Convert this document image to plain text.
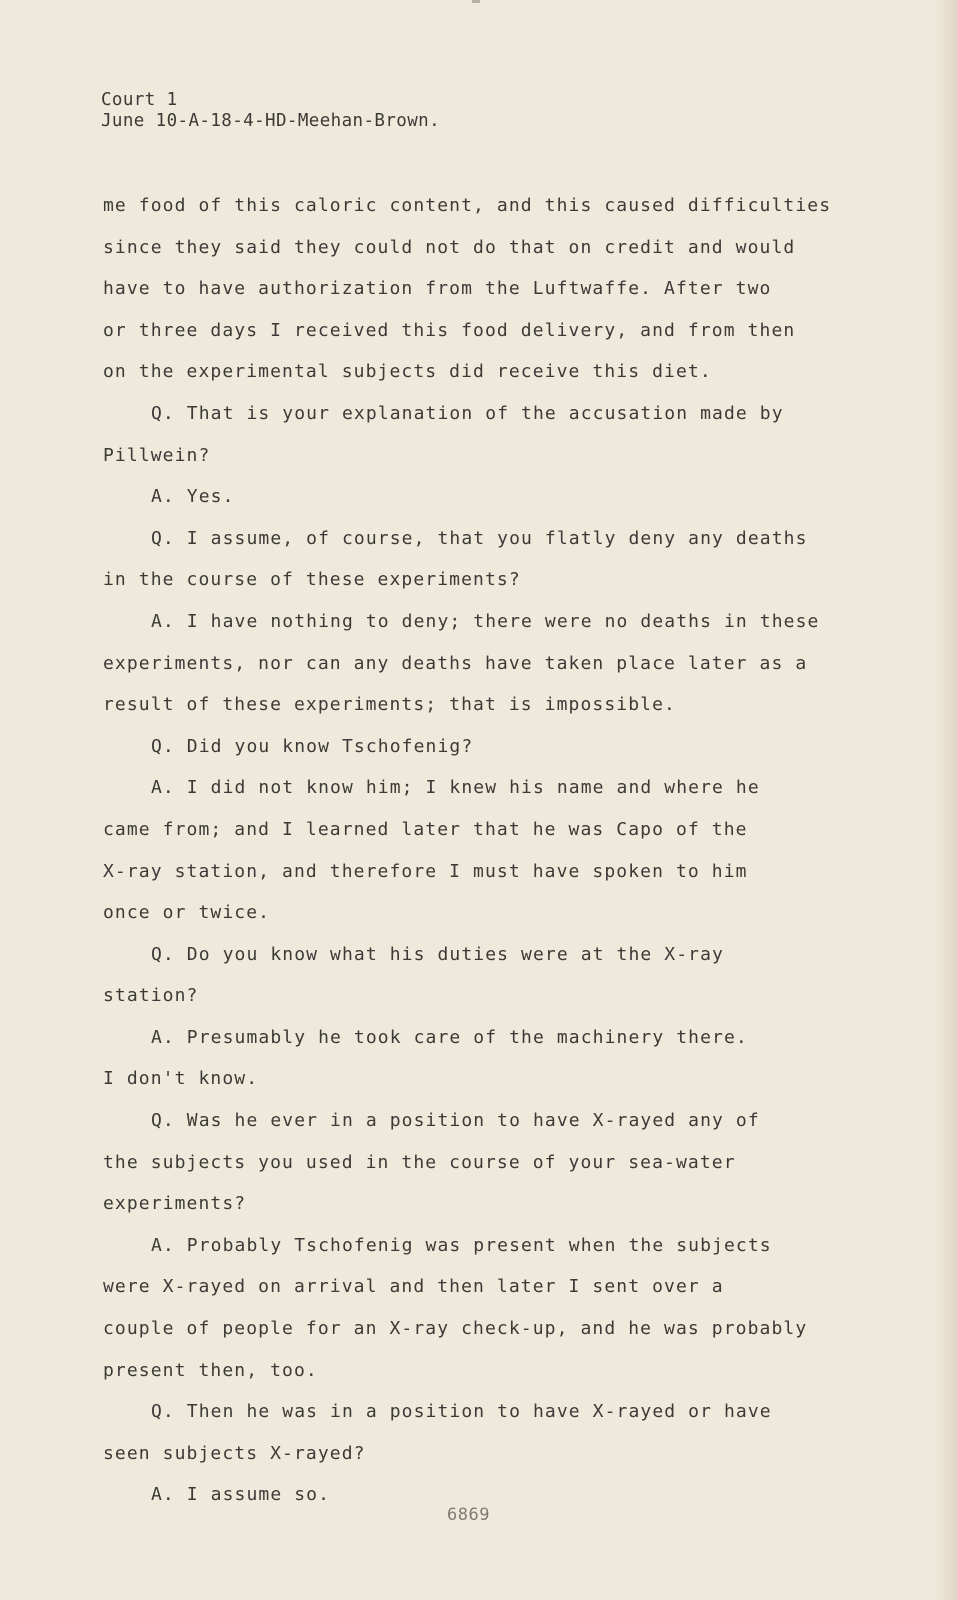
Court 1
June 10-A-18-4-HD-Meehan-Brown.
me food of this caloric content, and this caused difficulties
since they said they could not do that on credit and would
have to have authorization from the Luftwaffe. After two
or three days I received this food delivery, and from then
on the experimental subjects did receive this diet.
Q. That is your explanation of the accusation made by
Pillwein?
A. Yes.
Q. I assume, of course, that you flatly deny any deaths
in the course of these experiments?
A. I have nothing to deny; there were no deaths in these
experiments, nor can any deaths have taken place later as a
result of these experiments; that is impossible.
Q. Did you know Tschofenig?
A. I did not know him; I knew his name and where he
came from; and I learned later that he was Capo of the
X-ray station, and therefore I must have spoken to him
once or twice.
Q. Do you know what his duties were at the X-ray
station?
A. Presumably he took care of the machinery there.
I don't know.
Q. Was he ever in a position to have X-rayed any of
the subjects you used in the course of your sea-water
experiments?
A. Probably Tschofenig was present when the subjects
were X-rayed on arrival and then later I sent over a
couple of people for an X-ray check-up, and he was probably
present then, too.
Q. Then he was in a position to have X-rayed or have
seen subjects X-rayed?
A. I assume so.
6869
